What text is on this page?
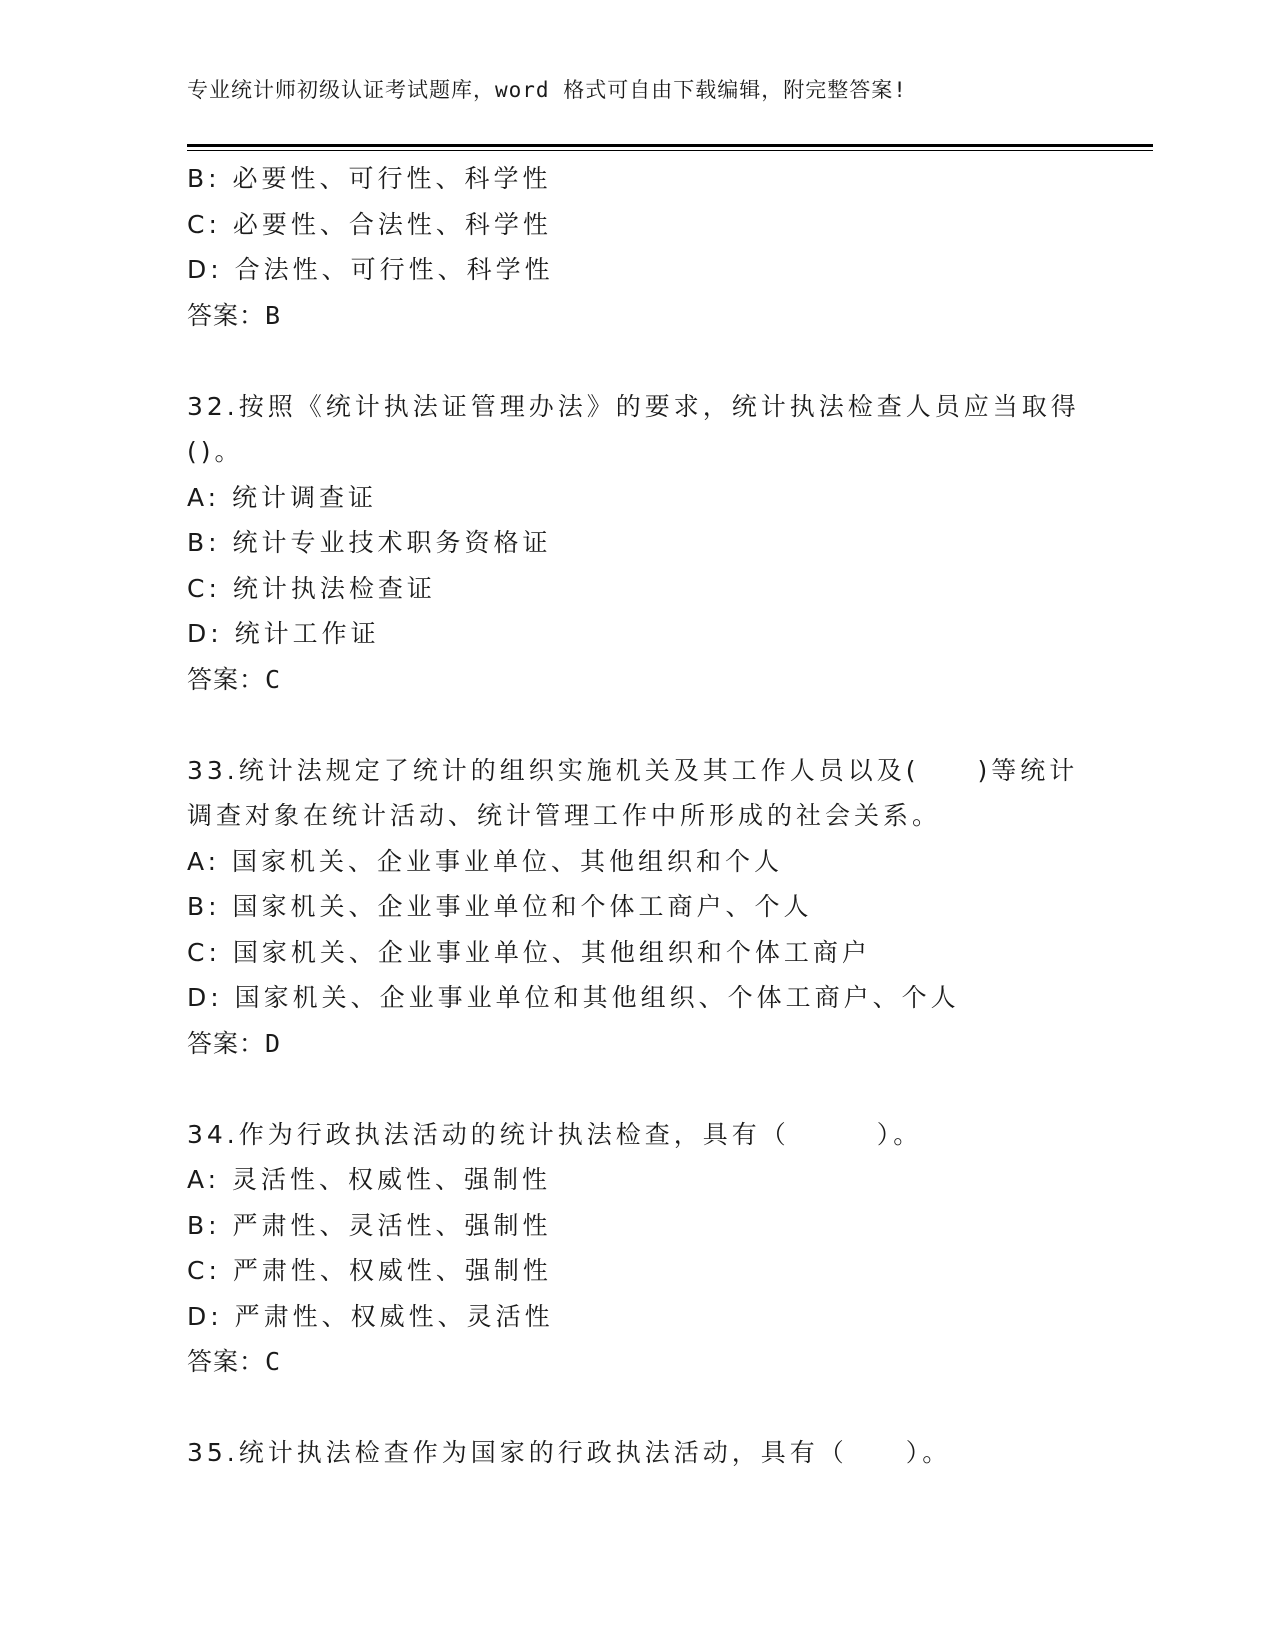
专业统计师初级认证考试题库，word 格式可自由下载编辑，附完整答案!
B: 必要性、可行性、科学性
C: 必要性、合法性、科学性
D: 合法性、可行性、科学性
答案：B
32.按照《统计执法证管理办法》的要求，统计执法检查人员应当取得
()。
A: 统计调查证
B: 统计专业技术职务资格证
C: 统计执法检查证
D: 统计工作证
答案：C
33.统计法规定了统计的组织实施机关及其工作人员以及(　　)等统计
调查对象在统计活动、统计管理工作中所形成的社会关系。
A: 国家机关、企业事业单位、其他组织和个人
B: 国家机关、企业事业单位和个体工商户、个人
C: 国家机关、企业事业单位、其他组织和个体工商户
D: 国家机关、企业事业单位和其他组织、个体工商户、个人
答案：D
34.作为行政执法活动的统计执法检查，具有（　　　）。
A: 灵活性、权威性、强制性
B: 严肃性、灵活性、强制性
C: 严肃性、权威性、强制性
D: 严肃性、权威性、灵活性
答案：C
35.统计执法检查作为国家的行政执法活动，具有（　　）。
